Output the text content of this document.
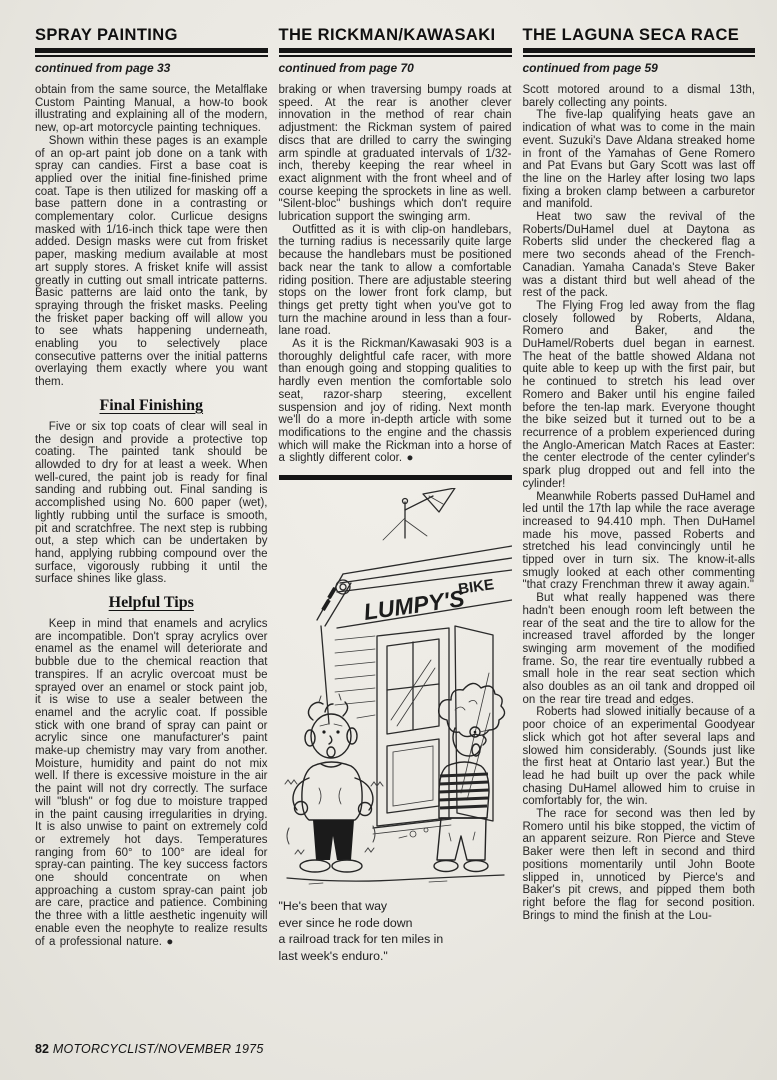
SPRAY PAINTING
continued from page 33

obtain from the same source, the Metalflake Custom Painting Manual, a how-to book illustrating and explaining all of the modern, new, op-art motorcycle painting techniques.

Shown within these pages is an example of an op-art paint job done on a tank with spray can candies. First a base coat is applied over the initial fine-finished prime coat. Tape is then utilized for masking off a base pattern done in a contrasting or complementary color. Curlicue designs masked with 1/16-inch thick tape were then added. Design masks were cut from frisket paper, masking medium available at most art supply stores. A frisket knife will assist greatly in cutting out small intricate patterns. Basic patterns are laid onto the tank, by spraying through the frisket masks. Peeling the frisket paper backing off will allow you to see whats happening underneath, enabling you to selectively place consecutive patterns over the initial patterns overlaying them exactly where you want them.

Final Finishing

Five or six top coats of clear will seal in the design and provide a protective top coating. The painted tank should be allowded to dry for at least a week. When well-cured, the paint job is ready for final sanding and rubbing out. Final sanding is accomplished using No. 600 paper (wet), lightly rubbing until the surface is smooth, pit and scratchfree. The next step is rubbing out, a step which can be undertaken by hand, applying rubbing compound over the surface, vigorously rubbing it until the surface shines like glass.

Helpful Tips

Keep in mind that enamels and acrylics are incompatible. Don't spray acrylics over enamel as the enamel will deteriorate and bubble due to the chemical reaction that transpires. If an acrylic overcoat must be sprayed over an enamel or stock paint job, it is wise to use a sealer between the enamel and the acrylic coat. If possible stick with one brand of spray can paint or acrylic since one manufacturer's paint make-up chemistry may vary from another. Moisture, humidity and paint do not mix well. If there is excessive moisture in the air the paint will not dry correctly. The surface will "blush" or fog due to moisture trapped in the paint causing irregularities in drying. It is also unwise to paint on extremely cold or extremely hot days. Temperatures ranging from 60° to 100° are ideal for spray-can painting. The key success factors one should concentrate on when approaching a custom spray-can paint job are care, practice and patience. Combining the three with a little aesthetic ingenuity will enable even the neophyte to realize results of a professional nature. ●

THE RICKMAN/KAWASAKI
continued from page 70

braking or when traversing bumpy roads at speed. At the rear is another clever innovation in the method of rear chain adjustment: the Rickman system of paired discs that are drilled to carry the swinging arm spindle at graduated intervals of 1/32-inch, thereby keeping the rear wheel in exact alignment with the front wheel and of course keeping the sprockets in line as well. "Silent-bloc" bushings which don't require lubrication support the swinging arm.

Outfitted as it is with clip-on handlebars, the turning radius is necessarily quite large because the handlebars must be positioned back near the tank to allow a comfortable riding position. There are adjustable steering stops on the lower front fork clamp, but things get pretty tight when you've got to turn the machine around in less than a four-lane road.

As it is the Rickman/Kawasaki 903 is a thoroughly delightful cafe racer, with more than enough going and stopping qualities to hardly even mention the comfortable solo seat, razor-sharp steering, excellent suspension and joy of riding. Next month we'll do a more in-depth article with some modifications to the engine and the chassis which will make the Rickman into a horse of a slightly different color. ●

LUMPY'S
BIKE
"He's been that way
ever since he rode down
a railroad track for ten miles in
last week's enduro."
THE LAGUNA SECA RACE
continued from page 59

Scott motored around to a dismal 13th, barely collecting any points.

The five-lap qualifying heats gave an indication of what was to come in the main event. Suzuki's Dave Aldana streaked home in front of the Yamahas of Gene Romero and Pat Evans but Gary Scott was last off the line on the Harley after losing two laps fixing a broken clamp between a carburetor and manifold.

Heat two saw the revival of the Roberts/DuHamel duel at Daytona as Roberts slid under the checkered flag a mere two seconds ahead of the French-Canadian. Yamaha Canada's Steve Baker was a distant third but well ahead of the rest of the pack.

The Flying Frog led away from the flag closely followed by Roberts, Aldana, Romero and Baker, and the DuHamel/Roberts duel began in earnest. The heat of the battle showed Aldana not quite able to keep up with the first pair, but he continued to stretch his lead over Romero and Baker until his engine failed before the ten-lap mark. Everyone thought the bike seized but it turned out to be a recurrence of a problem experienced during the Anglo-American Match Races at Easter: the center electrode of the center cylinder's spark plug dropped out and fell into the cylinder!

Meanwhile Roberts passed DuHamel and led until the 17th lap while the race average increased to 94.410 mph. Then DuHamel made his move, passed Roberts and stretched his lead convincingly until he tipped over in turn six. The know-it-alls smugly looked at each other commenting "that crazy Frenchman threw it away again."

But what really happened was there hadn't been enough room left between the rear of the seat and the tire to allow for the increased travel afforded by the longer swinging arm movement of the modified frame. So, the rear tire eventually rubbed a small hole in the rear seat section which also doubles as an oil tank and dropped oil on the rear tire tread and edges.

Roberts had slowed initially because of a poor choice of an experimental Goodyear slick which got hot after several laps and slowed him considerably. (Sounds just like the first heat at Ontario last year.) But the lead he had built up over the pack while chasing DuHamel allowed him to cruise in comfortably for, the win.

The race for second was then led by Romero until his bike stopped, the victim of an apparent seizure. Ron Pierce and Steve Baker were then left in second and third positions momentarily until John Boote slipped in, unnoticed by Pierce's and Baker's pit crews, and pipped them both right before the flag for second position. Brings to mind the finish at the Lou-

82 MOTORCYCLIST/NOVEMBER 1975
